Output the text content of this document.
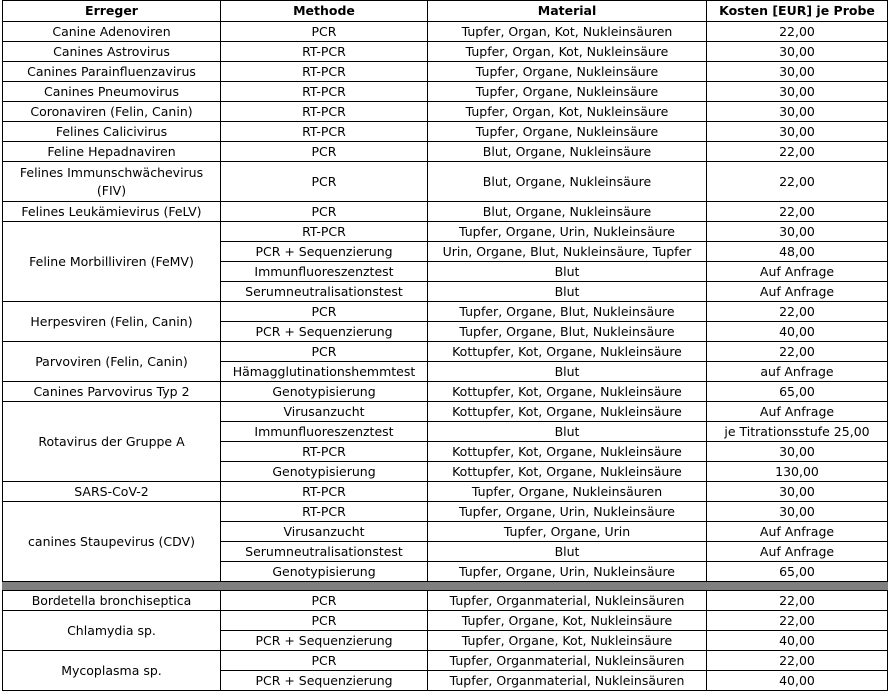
Erreger	Methode	Material	Kosten [EUR] je Probe
Canine Adenoviren	PCR	Tupfer, Organ, Kot, Nukleinsäuren	22,00
Canines Astrovirus	RT-PCR	Tupfer, Organ, Kot, Nukleinsäure	30,00
Canines Parainfluenzavirus	RT-PCR	Tupfer, Organe, Nukleinsäure	30,00
Canines Pneumovirus	RT-PCR	Tupfer, Organe, Nukleinsäure	30,00
Coronaviren (Felin, Canin)	RT-PCR	Tupfer, Organ, Kot, Nukleinsäure	30,00
Felines Calicivirus	RT-PCR	Tupfer, Organe, Nukleinsäure	30,00
Feline Hepadnaviren	PCR	Blut, Organe, Nukleinsäure	22,00
Felines Immunschwächevirus (FIV)	PCR	Blut, Organe, Nukleinsäure	22,00
Felines Leukämievirus (FeLV)	PCR	Blut, Organe, Nukleinsäure	22,00
Feline Morbilliviren (FeMV)	RT-PCR	Tupfer, Organe, Urin, Nukleinsäure	30,00
	PCR + Sequenzierung	Urin, Organe, Blut, Nukleinsäure, Tupfer	48,00
	Immunfluoreszenztest	Blut	Auf Anfrage
	Serumneutralisationstest	Blut	Auf Anfrage
Herpesviren (Felin, Canin)	PCR	Tupfer, Organe, Blut, Nukleinsäure	22,00
	PCR + Sequenzierung	Tupfer, Organe, Blut, Nukleinsäure	40,00
Parvoviren (Felin, Canin)	PCR	Kottupfer, Kot, Organe, Nukleinsäure	22,00
	Hämagglutinationshemmtest	Blut	auf Anfrage
Canines Parvovirus Typ 2	Genotypisierung	Kottupfer, Kot, Organe, Nukleinsäure	65,00
Rotavirus der Gruppe A	Virusanzucht	Kottupfer, Kot, Organe, Nukleinsäure	Auf Anfrage
	Immunfluoreszenztest	Blut	je Titrationsstufe 25,00
	RT-PCR	Kottupfer, Kot, Organe, Nukleinsäure	30,00
	Genotypisierung	Kottupfer, Kot, Organe, Nukleinsäure	130,00
SARS-CoV-2	RT-PCR	Tupfer, Organe, Nukleinsäuren	30,00
canines Staupevirus (CDV)	RT-PCR	Tupfer, Organe, Urin, Nukleinsäure	30,00
	Virusanzucht	Tupfer, Organe, Urin	Auf Anfrage
	Serumneutralisationstest	Blut	Auf Anfrage
	Genotypisierung	Tupfer, Organe, Urin, Nukleinsäure	65,00

Bordetella bronchiseptica	PCR	Tupfer, Organmaterial, Nukleinsäuren	22,00
Chlamydia sp.	PCR	Tupfer, Organe, Kot, Nukleinsäure	22,00
	PCR + Sequenzierung	Tupfer, Organe, Kot, Nukleinsäure	40,00
Mycoplasma sp.	PCR	Tupfer, Organmaterial, Nukleinsäuren	22,00
	PCR + Sequenzierung	Tupfer, Organmaterial, Nukleinsäuren	40,00
